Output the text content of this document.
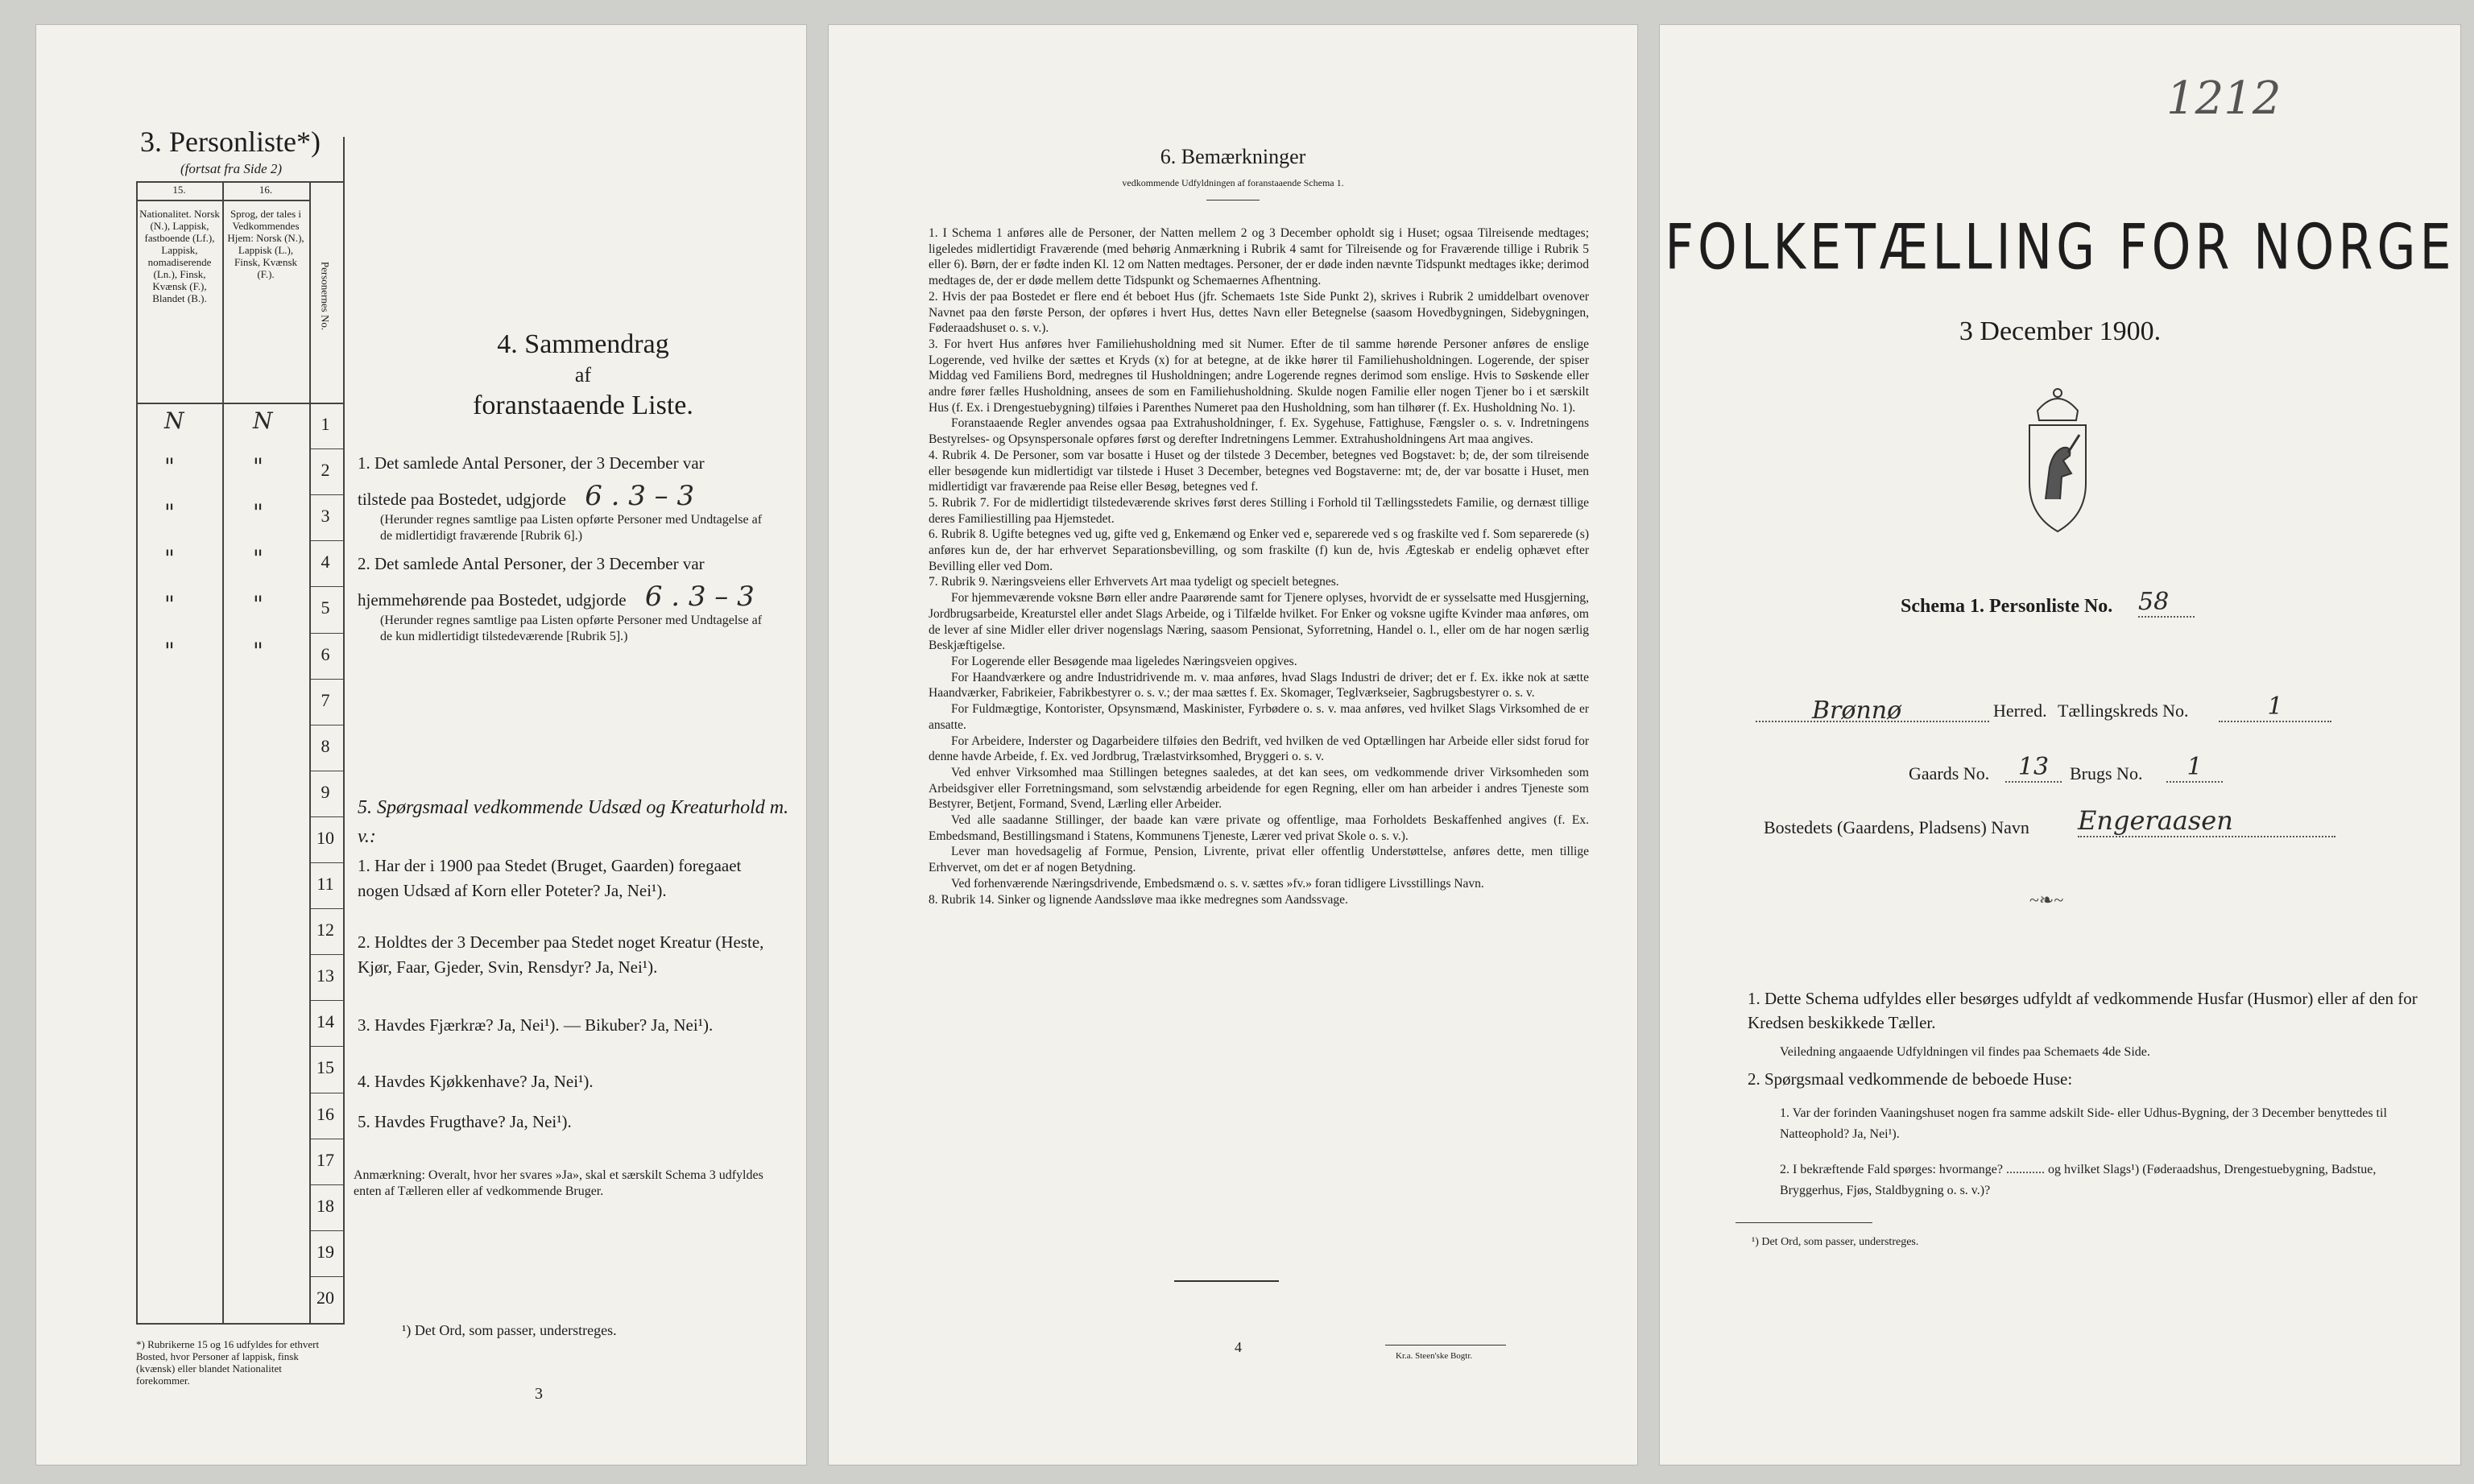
3. Personliste*)
(fortsat fra Side 2)
15.	16.
Nationalitet. Norsk (N.), Lappisk, fastboende (Lf.), Lappisk, nomadiserende (Ln.), Finsk, Kvænsk (F.), Blandet (B.).
Sprog, der tales i Vedkommendes Hjem: Norsk (N.), Lappisk (L.), Finsk, Kvænsk (F.).	Personernes No.
1
N	N
2
"	"
3
"	"
4
"	"
5
"	"
6
"	"
7
8
9
10
11
12
13
14
15
16
17
18
19
20
4. Sammendrag
af
foranstaaende Liste.
1. Det samlede Antal Personer, der 3 December var
tilstede paa Bostedet, udgjorde 6 . 3 – 3
(Herunder regnes samtlige paa Listen opførte Personer med Undtagelse af de midlertidigt fraværende [Rubrik 6].)
2. Det samlede Antal Personer, der 3 December var
hjemmehørende paa Bostedet, udgjorde 6 . 3 – 3
(Herunder regnes samtlige paa Listen opførte Personer med Undtagelse af de kun midlertidigt tilstedeværende [Rubrik 5].)
5. Spørgsmaal vedkommende Udsæd og Kreaturhold m. v.:
1. Har der i 1900 paa Stedet (Bruget, Gaarden) foregaaet nogen Udsæd af Korn eller Poteter? Ja, Nei¹).
2. Holdtes der 3 December paa Stedet noget Kreatur (Heste, Kjør, Faar, Gjeder, Svin, Rensdyr? Ja, Nei¹).
3. Havdes Fjærkræ? Ja, Nei¹). — Bikuber? Ja, Nei¹).
4. Havdes Kjøkkenhave? Ja, Nei¹).
5. Havdes Frugthave? Ja, Nei¹).
Anmærkning: Overalt, hvor her svares »Ja», skal et særskilt Schema 3 udfyldes enten af Tælleren eller af vedkommende Bruger.
¹) Det Ord, som passer, understreges.
*) Rubrikerne 15 og 16 udfyldes for ethvert Bosted, hvor Personer af lappisk, finsk (kvænsk) eller blandet Nationalitet forekommer.
3
6. Bemærkninger
vedkommende Udfyldningen af foranstaaende Schema 1.

1. I Schema 1 anføres alle de Personer, der Natten mellem 2 og 3 December opholdt sig i Huset; ogsaa Tilreisende medtages; ligeledes midlertidigt Fraværende (med behørig Anmærkning i Rubrik 4 samt for Tilreisende og for Fraværende tillige i Rubrik 5 eller 6). Børn, der er fødte inden Kl. 12 om Natten medtages. Personer, der er døde inden nævnte Tidspunkt medtages ikke; derimod medtages de, der er døde mellem dette Tidspunkt og Schemaernes Afhentning.

2. Hvis der paa Bostedet er flere end ét beboet Hus (jfr. Schemaets 1ste Side Punkt 2), skrives i Rubrik 2 umiddelbart ovenover Navnet paa den første Person, der opføres i hvert Hus, dettes Navn eller Betegnelse (saasom Hovedbygningen, Sidebygningen, Føderaadshuset o. s. v.).

3. For hvert Hus anføres hver Familiehusholdning med sit Numer. Efter de til samme hørende Personer anføres de enslige Logerende, ved hvilke der sættes et Kryds (x) for at betegne, at de ikke hører til Familiehusholdningen. Logerende, der spiser Middag ved Familiens Bord, medregnes til Husholdningen; andre Logerende regnes derimod som enslige. Hvis to Søskende eller andre fører fælles Husholdning, ansees de som en Familiehusholdning. Skulde nogen Familie eller nogen Tjener bo i et særskilt Hus (f. Ex. i Drengestuebygning) tilføies i Parenthes Numeret paa den Husholdning, som han tilhører (f. Ex. Husholdning No. 1).

Foranstaaende Regler anvendes ogsaa paa Extrahusholdninger, f. Ex. Sygehuse, Fattighuse, Fængsler o. s. v. Indretningens Bestyrelses- og Opsynspersonale opføres først og derefter Indretningens Lemmer. Extrahusholdningens Art maa angives.

4. Rubrik 4. De Personer, som var bosatte i Huset og der tilstede 3 December, betegnes ved Bogstavet: b; de, der som tilreisende eller besøgende kun midlertidigt var tilstede i Huset 3 December, betegnes ved Bogstaverne: mt; de, der var bosatte i Huset, men midlertidigt var fraværende paa Reise eller Besøg, betegnes ved f.

5. Rubrik 7. For de midlertidigt tilstedeværende skrives først deres Stilling i Forhold til Tællingsstedets Familie, og dernæst tillige deres Familiestilling paa Hjemstedet.

6. Rubrik 8. Ugifte betegnes ved ug, gifte ved g, Enkemænd og Enker ved e, separerede ved s og fraskilte ved f. Som separerede (s) anføres kun de, der har erhvervet Separationsbevilling, og som fraskilte (f) kun de, hvis Ægteskab er endelig ophævet efter Bevilling eller ved Dom.

7. Rubrik 9. Næringsveiens eller Erhvervets Art maa tydeligt og specielt betegnes.

For hjemmeværende voksne Børn eller andre Paarørende samt for Tjenere oplyses, hvorvidt de er sysselsatte med Husgjerning, Jordbrugsarbeide, Kreaturstel eller andet Slags Arbeide, og i Tilfælde hvilket. For Enker og voksne ugifte Kvinder maa anføres, om de lever af sine Midler eller driver nogenslags Næring, saasom Pensionat, Syforretning, Handel o. l., eller om de har nogen særlig Beskjæftigelse.

For Logerende eller Besøgende maa ligeledes Næringsveien opgives.

For Haandværkere og andre Industridrivende m. v. maa anføres, hvad Slags Industri de driver; det er f. Ex. ikke nok at sætte Haandværker, Fabrikeier, Fabrikbestyrer o. s. v.; der maa sættes f. Ex. Skomager, Teglværkseier, Sagbrugsbestyrer o. s. v.

For Fuldmægtige, Kontorister, Opsynsmænd, Maskinister, Fyrbødere o. s. v. maa anføres, ved hvilket Slags Virksomhed de er ansatte.

For Arbeidere, Inderster og Dagarbeidere tilføies den Bedrift, ved hvilken de ved Optællingen har Arbeide eller sidst forud for denne havde Arbeide, f. Ex. ved Jordbrug, Trælastvirksomhed, Bryggeri o. s. v.

Ved enhver Virksomhed maa Stillingen betegnes saaledes, at det kan sees, om vedkommende driver Virksomheden som Arbeidsgiver eller Forretningsmand, som selvstændig arbeidende for egen Regning, eller om han arbeider i andres Tjeneste som Bestyrer, Betjent, Formand, Svend, Lærling eller Arbeider.

Ved alle saadanne Stillinger, der baade kan være private og offentlige, maa Forholdets Beskaffenhed angives (f. Ex. Embedsmand, Bestillingsmand i Statens, Kommunens Tjeneste, Lærer ved privat Skole o. s. v.).

Lever man hovedsagelig af Formue, Pension, Livrente, privat eller offentlig Understøttelse, anføres dette, men tillige Erhvervet, om det er af nogen Betydning.

Ved forhenværende Næringsdrivende, Embedsmænd o. s. v. sættes »fv.» foran tidligere Livsstillings Navn.

8. Rubrik 14. Sinker og lignende Aandssløve maa ikke medregnes som Aandssvage.

4
Kr.a. Steen'ske Bogtr.
1212
FOLKETÆLLING FOR NORGE
3 December 1900.
Schema 1. Personliste No. 58
Brønnø	Herred. Tællingskreds No.	1
Gaards No.	13	Brugs No.	1
Bostedets (Gaardens, Pladsens) Navn Engeraasen
~❧~
1. Dette Schema udfyldes eller besørges udfyldt af vedkommende Husfar (Husmor) eller af den for Kredsen beskikkede Tæller.
Veiledning angaaende Udfyldningen vil findes paa Schemaets 4de Side.
2. Spørgsmaal vedkommende de beboede Huse:
1. Var der forinden Vaaningshuset nogen fra samme adskilt Side- eller Udhus-Bygning, der 3 December benyttedes til Natteophold? Ja, Nei¹).
2. I bekræftende Fald spørges: hvormange? ............ og hvilket Slags¹) (Føderaadshus, Drengestuebygning, Badstue, Bryggerhus, Fjøs, Staldbygning o. s. v.)?
¹) Det Ord, som passer, understreges.
